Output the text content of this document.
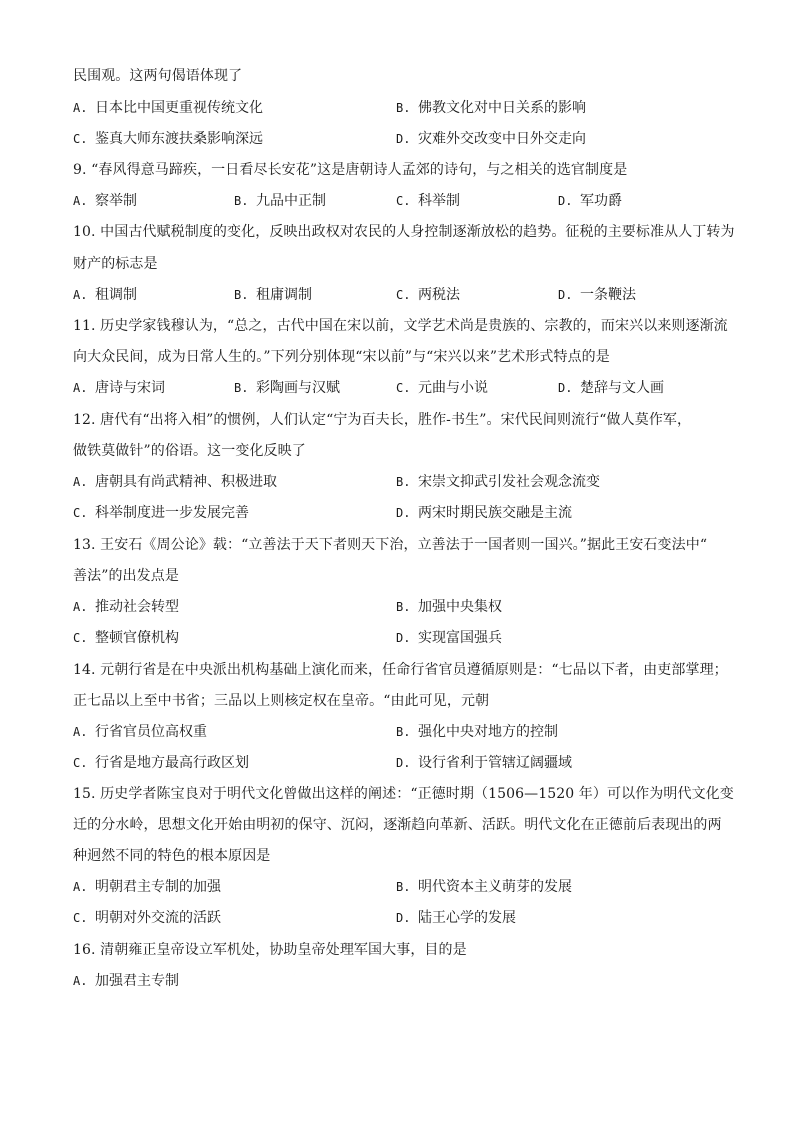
民围观。这两句偈语体现了
A. 日本比中国更重视传统文化	B. 佛教文化对中日关系的影响
C. 鉴真大师东渡扶桑影响深远	D. 灾难外交改变中日外交走向
9. “春风得意马蹄疾，一日看尽长安花”这是唐朝诗人孟郊的诗句，与之相关的选官制度是
A. 察举制	B. 九品中正制	C. 科举制	D. 军功爵
10. 中国古代赋税制度的变化，反映出政权对农民的人身控制逐渐放松的趋势。征税的主要标准从人丁转为
财产的标志是
A. 租调制	B. 租庸调制	C. 两税法	D. 一条鞭法
11. 历史学家钱穆认为，“总之，古代中国在宋以前，文学艺术尚是贵族的、宗教的，而宋兴以来则逐渐流
向大众民间，成为日常人生的。”下列分别体现“宋以前”与“宋兴以来”艺术形式特点的是
A. 唐诗与宋词	B. 彩陶画与汉赋	C. 元曲与小说	D. 楚辞与文人画
12. 唐代有“出将入相”的惯例，人们认定“宁为百夫长，胜作-书生”。宋代民间则流行“做人莫作军，
做铁莫做针”的俗语。这一变化反映了
A. 唐朝具有尚武精神、积极进取	B. 宋崇文抑武引发社会观念流变
C. 科举制度进一步发展完善	D. 两宋时期民族交融是主流
13. 王安石《周公论》载：“立善法于天下者则天下治，立善法于一国者则一国兴。”据此王安石变法中“
善法”的出发点是
A. 推动社会转型	B. 加强中央集权
C. 整顿官僚机构	D. 实现富国强兵
14. 元朝行省是在中央派出机构基础上演化而来，任命行省官员遵循原则是：“七品以下者，由吏部掌理；
正七品以上至中书省；三品以上则核定权在皇帝。“由此可见，元朝
A. 行省官员位高权重	B. 强化中央对地方的控制
C. 行省是地方最高行政区划	D. 设行省利于管辖辽阔疆域
15. 历史学者陈宝良对于明代文化曾做出这样的阐述：“正德时期（1506—1520 年）可以作为明代文化变
迁的分水岭，思想文化开始由明初的保守、沉闷，逐渐趋向革新、活跃。明代文化在正德前后表现出的两
种迥然不同的特色的根本原因是
A. 明朝君主专制的加强	B. 明代资本主义萌芽的发展
C. 明朝对外交流的活跃	D. 陆王心学的发展
16. 清朝雍正皇帝设立军机处，协助皇帝处理军国大事，目的是
A. 加强君主专制
